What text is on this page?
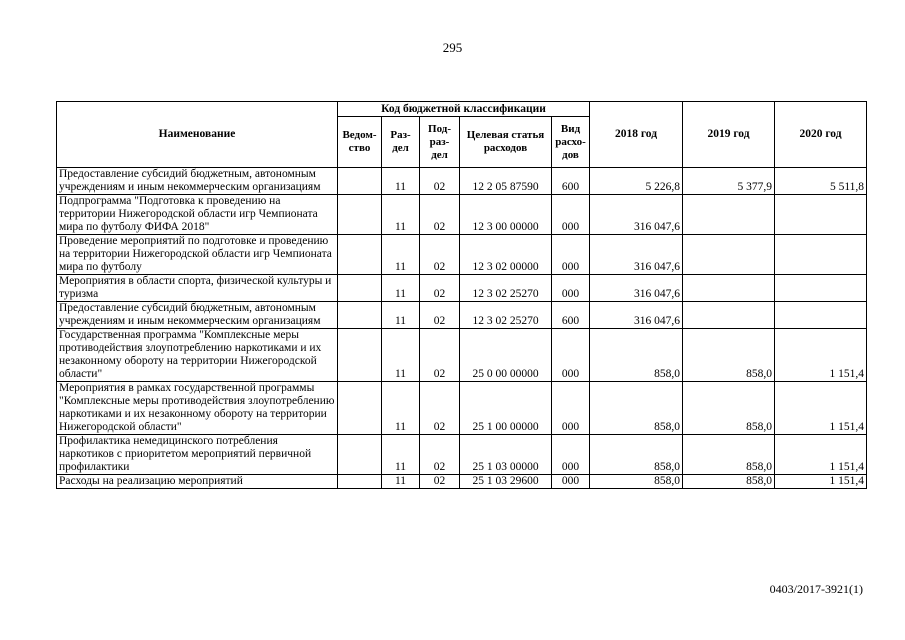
295
Наименование	Код бюджетной классификации					2018 год	2019 год	2020 год
	Ведом-ство	Раз-дел	Под-раз-дел	Целевая статья расходов	Вид расхо-дов			
Предоставление субсидий бюджетным, автономным учреждениям и иным некоммерческим организациям		11	02	12 2 05 87590	600	5 226,8	5 377,9	5 511,8
Подпрограмма "Подготовка к проведению на территории Нижегородской области игр Чемпионата мира по футболу ФИФА 2018"		11	02	12 3 00 00000	000	316 047,6		
Проведение мероприятий по подготовке и проведению на территории Нижегородской области игр Чемпионата мира по футболу		11	02	12 3 02 00000	000	316 047,6		
Мероприятия в области спорта, физической культуры и туризма		11	02	12 3 02 25270	000	316 047,6		
Предоставление субсидий бюджетным, автономным учреждениям и иным некоммерческим организациям		11	02	12 3 02 25270	600	316 047,6		
Государственная программа "Комплексные меры противодействия злоупотреблению наркотиками и их незаконному обороту на территории Нижегородской области"		11	02	25 0 00 00000	000	858,0	858,0	1 151,4
Мероприятия в рамках государственной программы "Комплексные меры противодействия злоупотреблению наркотиками и их незаконному обороту на территории Нижегородской области"		11	02	25 1 00 00000	000	858,0	858,0	1 151,4
Профилактика немедицинского потребления наркотиков с приоритетом мероприятий первичной профилактики		11	02	25 1 03 00000	000	858,0	858,0	1 151,4
Расходы на реализацию мероприятий		11	02	25 1 03 29600	000	858,0	858,0	1 151,4
0403/2017-3921(1)
